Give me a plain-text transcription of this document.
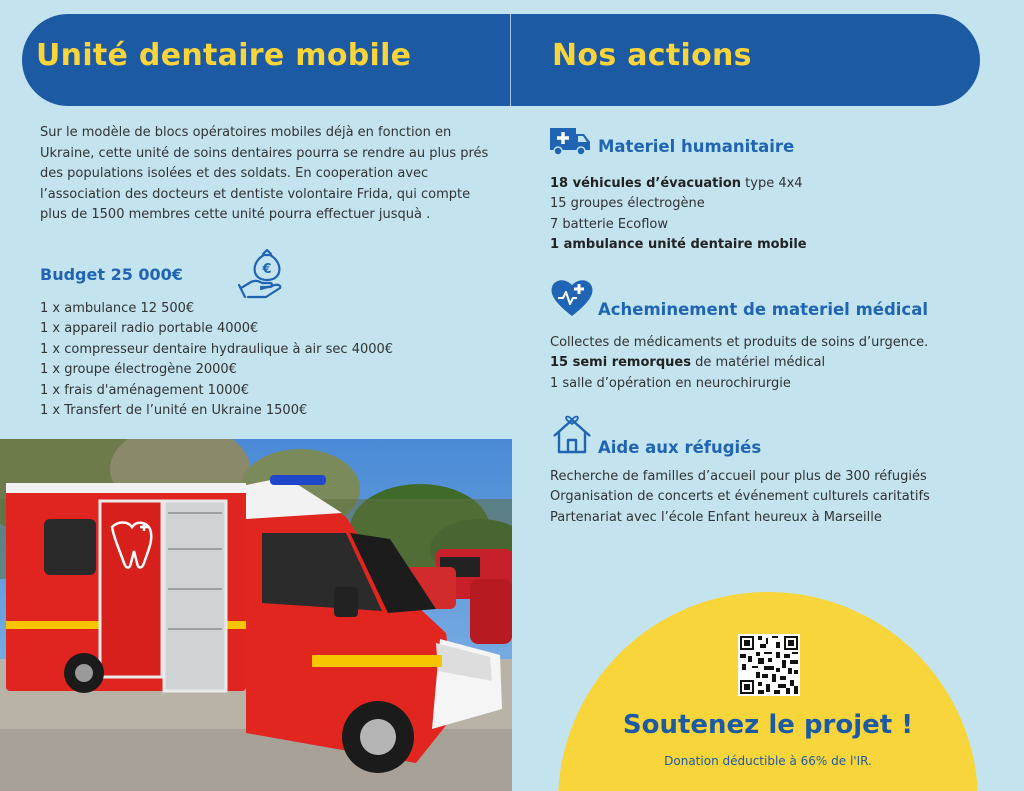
Unité dentaire mobile	Nos actions

Sur le modèle de blocs opératoires mobiles déjà en fonction en Ukraine, cette unité de soins dentaires pourra se rendre au plus prés des populations isolées et des soldats. En cooperation avec l’association des docteurs et dentiste volontaire Frida, qui compte plus de 1500 membres cette unité pourra effectuer jusquà .

Budget 25 000€	€
1 x ambulance 12 500€
1 x appareil radio portable 4000€
1 x compresseur dentaire hydraulique à air sec 4000€
1 x groupe électrogène 2000€
1 x frais d'aménagement 1000€
1 x Transfert de l’unité en Ukraine 1500€
Materiel humanitaire
18 véhicules d’évacuation type 4x4
15 groupes électrogène
7 batterie Ecoflow
1 ambulance unité dentaire mobile
Acheminement de materiel médical
Collectes de médicaments et produits de soins d’urgence.
15 semi remorques de matériel médical
1 salle d’opération en neurochirurgie
Aide aux réfugiés
Recherche de familles d’accueil pour plus de 300 réfugiés
Organisation de concerts et événement culturels caritatifs
Partenariat avec l’école Enfant heureux à Marseille
Soutenez le projet !

Donation déductible à 66% de l'IR.
